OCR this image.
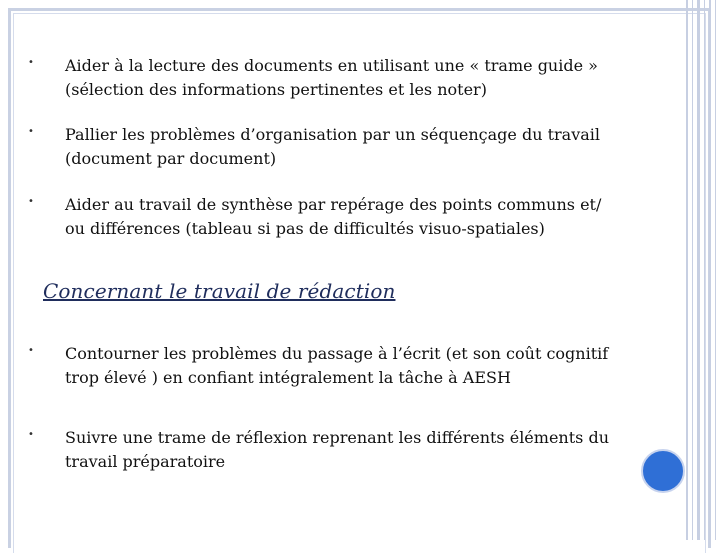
• Aider à la lecture des documents en utilisant une « trame guide »
(sélection des informations pertinentes et les noter)
• Pallier les problèmes d’organisation par un séquençage du travail
(document par document)
• Aider au travail de synthèse par repérage des points communs et/
ou différences (tableau si pas de difficultés visuo-spatiales)
Concernant le travail de rédaction
• Contourner les problèmes du passage à l’écrit (et son coût cognitif
trop élevé ) en confiant intégralement la tâche à AESH
• Suivre une trame de réflexion reprenant les différents éléments du
travail préparatoire
